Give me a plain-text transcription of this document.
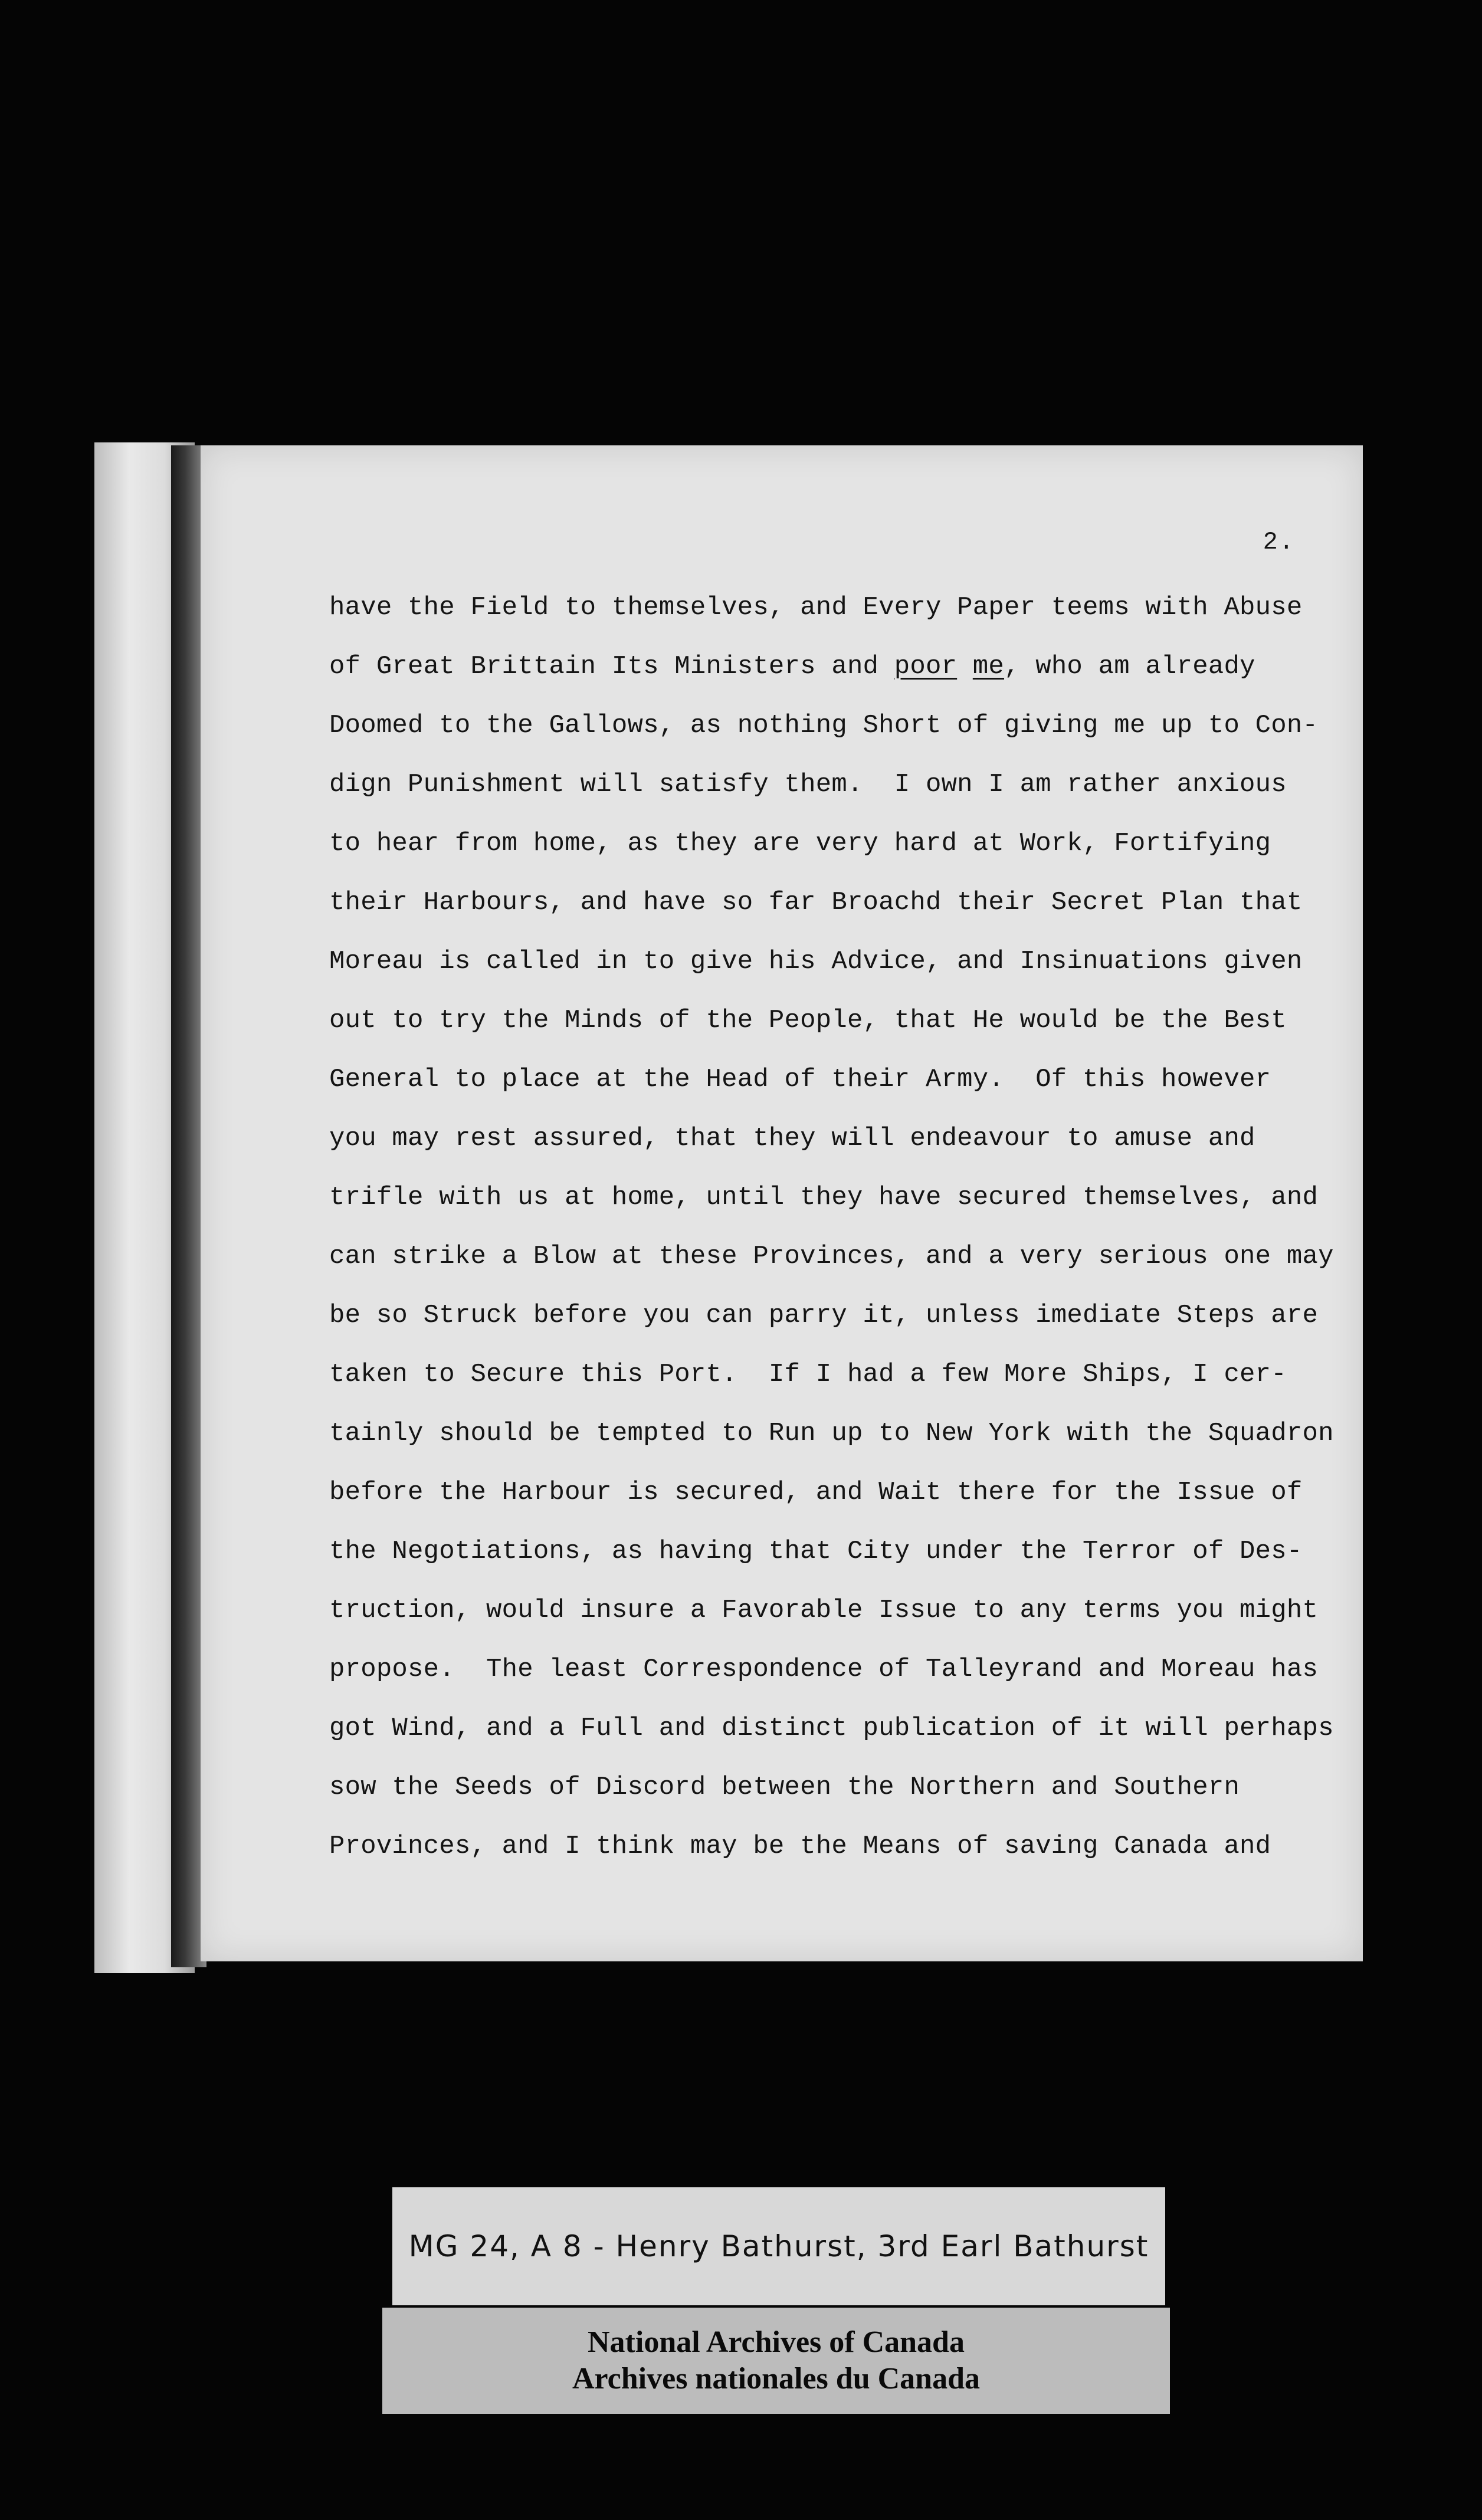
2.
have the Field to themselves, and Every Paper teems with Abuse
of Great Brittain Its Ministers and poor me, who am already
Doomed to the Gallows, as nothing Short of giving me up to Con-
dign Punishment will satisfy them.  I own I am rather anxious
to hear from home, as they are very hard at Work, Fortifying
their Harbours, and have so far Broachd their Secret Plan that
Moreau is called in to give his Advice, and Insinuations given
out to try the Minds of the People, that He would be the Best
General to place at the Head of their Army.  Of this however
you may rest assured, that they will endeavour to amuse and
trifle with us at home, until they have secured themselves, and
can strike a Blow at these Provinces, and a very serious one may
be so Struck before you can parry it, unless imediate Steps are
taken to Secure this Port.  If I had a few More Ships, I cer-
tainly should be tempted to Run up to New York with the Squadron
before the Harbour is secured, and Wait there for the Issue of
the Negotiations, as having that City under the Terror of Des-
truction, would insure a Favorable Issue to any terms you might
propose.  The least Correspondence of Talleyrand and Moreau has
got Wind, and a Full and distinct publication of it will perhaps
sow the Seeds of Discord between the Northern and Southern
Provinces, and I think may be the Means of saving Canada and
MG 24, A 8 - Henry Bathurst, 3rd Earl Bathurst
National Archives of Canada
Archives nationales du Canada
